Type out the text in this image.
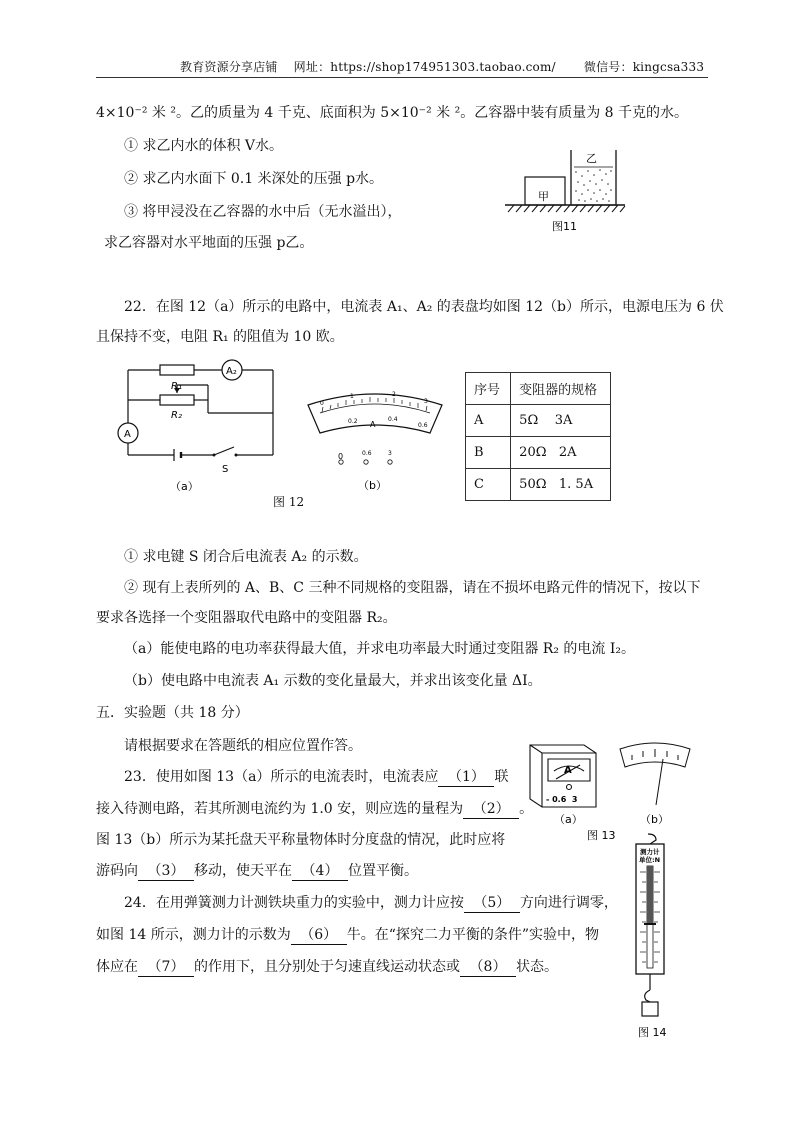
教育资源分享店铺 网址：https://shop174951303.taobao.com/ 微信号：kingcsa333
4×10⁻² 米 ²。乙的质量为 4 千克、底面积为 5×10⁻² 米 ²。乙容器中装有质量为 8 千克的水。
① 求乙内水的体积 V水。
② 求乙内水面下 0.1 米深处的压强 p水。
③ 将甲浸没在乙容器的水中后（无水溢出），
求乙容器对水平地面的压强 p乙。
甲
乙
图11
22．在图 12（a）所示的电路中，电流表 A₁、A₂ 的表盘均如图 12（b）所示，电源电压为 6 伏
且保持不变，电阻 R₁ 的阻值为 10 欧。
A₂
A
R₁
R₂
S
（a）
0
1	2
3
0.2	0.4
0.6
A
0	0.6	3
（b）
图 12
序号	变阻器的规格
A	5Ω    3A
B	20Ω   2A
C	50Ω   1. 5A
① 求电键 S 闭合后电流表 A₂ 的示数。
② 现有上表所列的 A、B、C 三种不同规格的变阻器，请在不损坏电路元件的情况下，按以下
要求各选择一个变阻器取代电路中的变阻器 R₂。
（a）能使电路的电功率获得最大值，并求电功率最大时通过变阻器 R₂ 的电流 I₂。
（b）使电路中电流表 A₁ 示数的变化量最大，并求出该变化量 ΔI。
五．实验题（共 18 分）
请根据要求在答题纸的相应位置作答。
23．使用如图 13（a）所示的电流表时，电流表应 （1） 联
接入待测电路，若其所测电流约为 1.0 安，则应选的量程为 （2） 。
图 13（b）所示为某托盘天平称量物体时分度盘的情况，此时应将
游码向 （3） 移动，使天平在 （4） 位置平衡。
A
- 0.6  3
（a）	（b）
图 13
24．在用弹簧测力计测铁块重力的实验中，测力计应按 （5） 方向进行调零，
如图 14 所示，测力计的示数为 （6） 牛。在“探究二力平衡的条件”实验中，物
体应在 （7） 的作用下，且分别处于匀速直线运动状态或 （8） 状态。
测力计
单位:N
图 14
